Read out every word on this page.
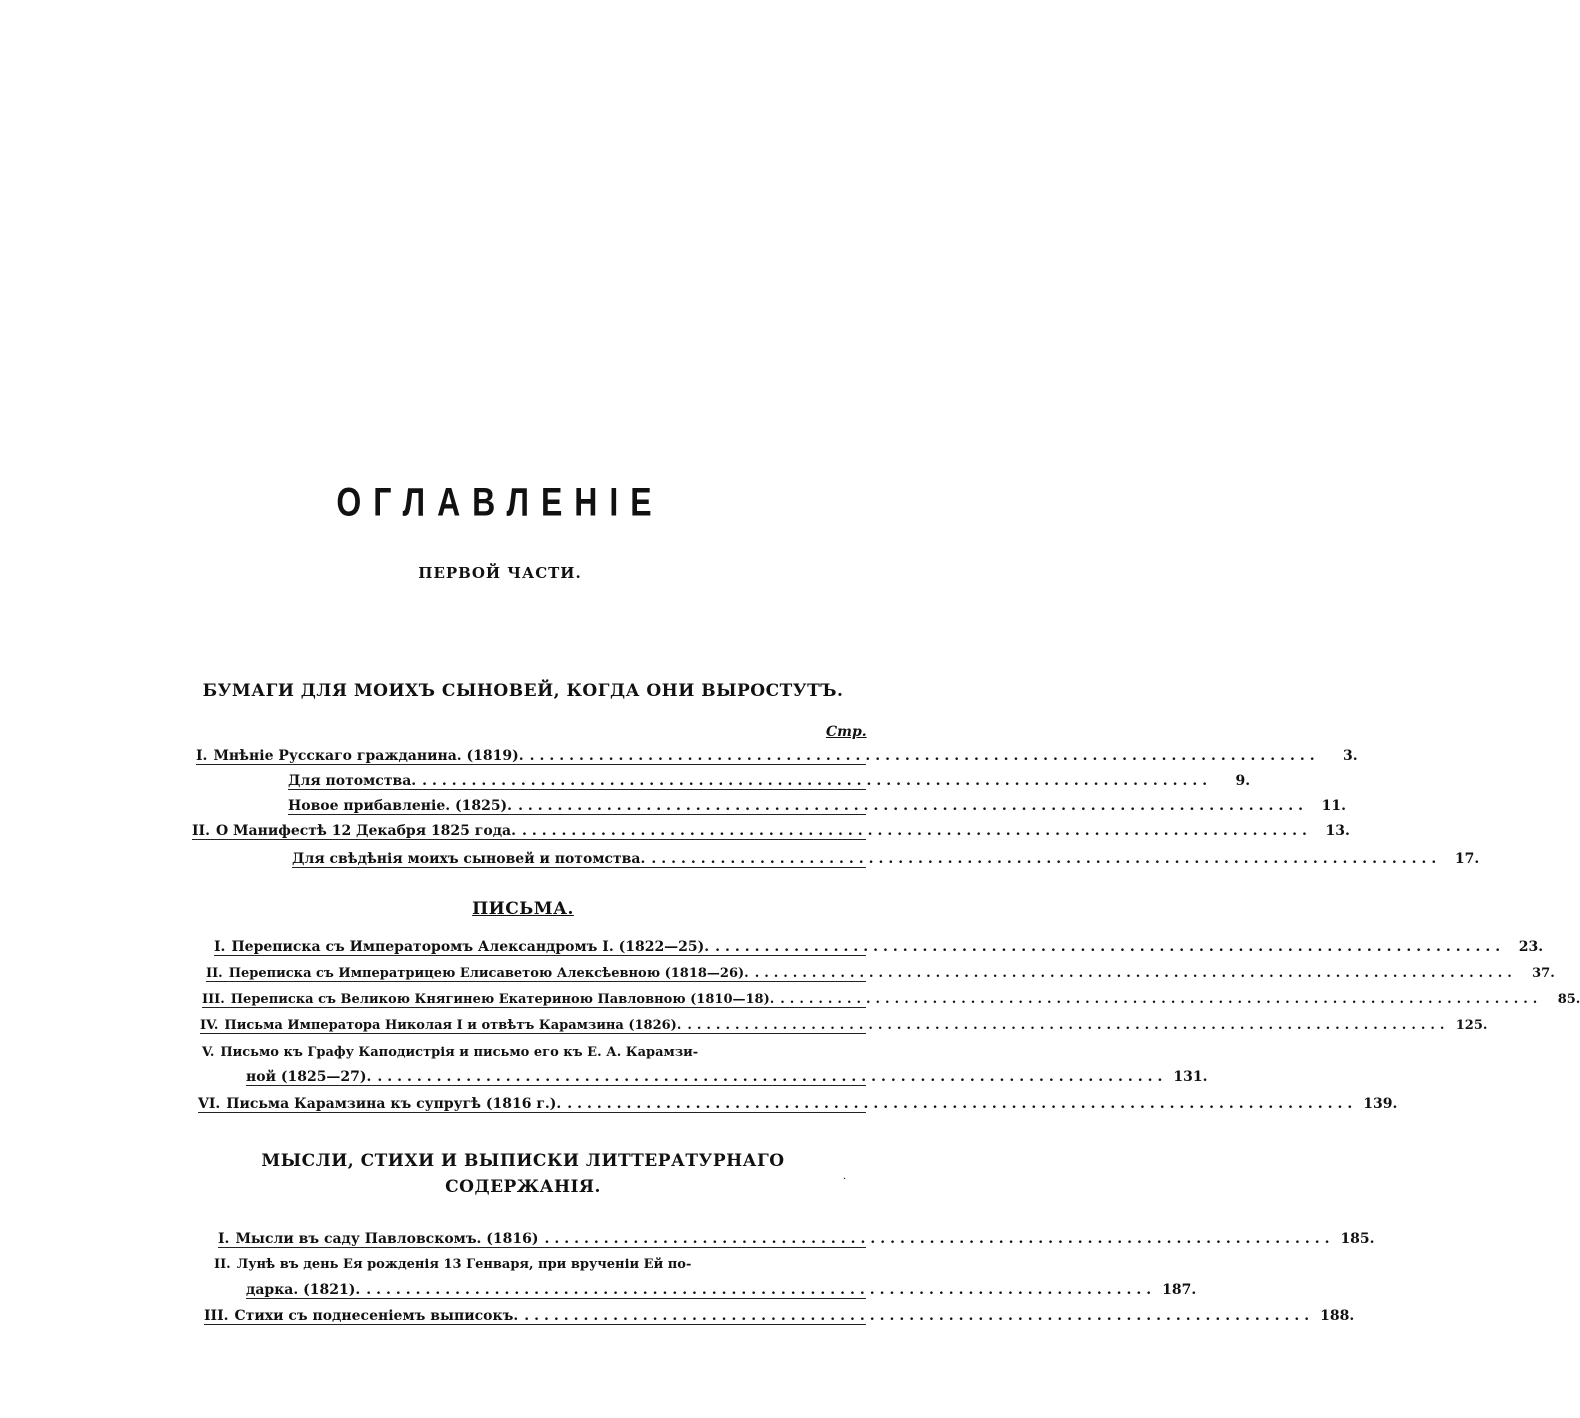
ОГЛАВЛЕНІЕ
ПЕРВОЙ ЧАСТИ.
БУМАГИ ДЛЯ МОИХЪ СЫНОВЕЙ, КОГДА ОНИ ВЫРОСТУТЪ.
Стр.
I. Мнѣніе Русскаго гражданина. (1819). ................................................................................	3.
Для потомства. ................................................................................	9.
Новое прибавленіе. (1825). ................................................................................ 11.
II. О Манифестѣ 12 Декабря 1825 года. ................................................................................ 13.
Для свѣдѣнія моихъ сыновей и потомства. ................................................................................ 17.
ПИСЬМА.
I. Переписка съ Императоромъ Александромъ I. (1822—25). ................................................................................ 23.
II. Переписка съ Императрицею Елисаветою Алексѣевною (1818—26). ................................................................................	37.
III. Переписка съ Великою Княгинею Екатериною Павловною (1810—18). ................................................................................	85.
IV. Письма Императора Николая I и отвѣтъ Карамзина (1826). ................................................................................ 125.
V. Письмо къ Графу Каподистрія и письмо его къ Е. А. Карамзи-
ной (1825—27). ................................................................................ 131.
VI. Письма Карамзина къ супругѣ (1816 г.). ................................................................................ 139.
МЫСЛИ, СТИХИ И ВЫПИСКИ ЛИТТЕРАТУРНАГО
СОДЕРЖАНІЯ.	·
I. Мысли въ саду Павловскомъ. (1816) ................................................................................ 185.
II. Лунѣ въ день Ея рожденія 13 Генваря, при врученіи Ей по-
дарка. (1821). ................................................................................ 187.
III. Стихи съ поднесеніемъ выписокъ. ................................................................................ 188.
